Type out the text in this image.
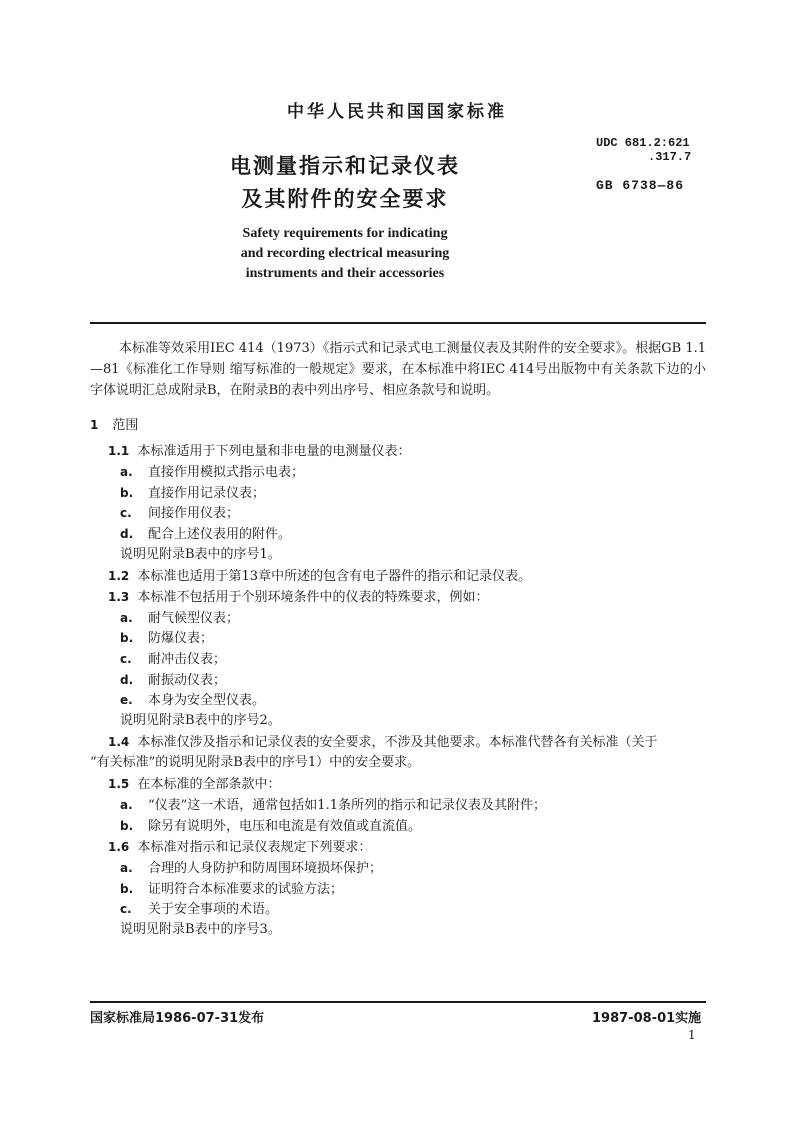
中华人民共和国国家标准
电测量指示和记录仪表
及其附件的安全要求
Safety requirements for indicating
and recording electrical measuring
instruments and their accessories
UDC 681.2:621
.317.7
GB 6738—86

本标准等效采用IEC 414（1973）《指示式和记录式电工测量仪表及其附件的安全要求》。根据GB 1.1—81《标准化工作导则 缩写标准的一般规定》要求，在本标准中将IEC 414号出版物中有关条款下边的小字体说明汇总成附录B，在附录B的表中列出序号、相应条款号和说明。

1 范围
1.1 本标准适用于下列电量和非电量的电测量仪表：
a. 直接作用模拟式指示电表；
b. 直接作用记录仪表；
c. 间接作用仪表；
d. 配合上述仪表用的附件。
说明见附录B表中的序号1。
1.2 本标准也适用于第13章中所述的包含有电子器件的指示和记录仪表。
1.3 本标准不包括用于个别环境条件中的仪表的特殊要求，例如：
a. 耐气候型仪表；
b. 防爆仪表；
c. 耐冲击仪表；
d. 耐振动仪表；
e. 本身为安全型仪表。
说明见附录B表中的序号2。
1.4 本标准仅涉及指示和记录仪表的安全要求，不涉及其他要求。本标准代替各有关标准（关于
“有关标准”的说明见附录B表中的序号1）中的安全要求。
1.5 在本标准的全部条款中：
a. “仪表”这一术语，通常包括如1.1条所列的指示和记录仪表及其附件；
b. 除另有说明外，电压和电流是有效值或直流值。
1.6 本标准对指示和记录仪表规定下列要求：
a. 合理的人身防护和防周围环境损坏保护；
b. 证明符合本标准要求的试验方法；
c. 关于安全事项的术语。
说明见附录B表中的序号3。
国家标准局1986-07-31发布	1987-08-01实施
1
